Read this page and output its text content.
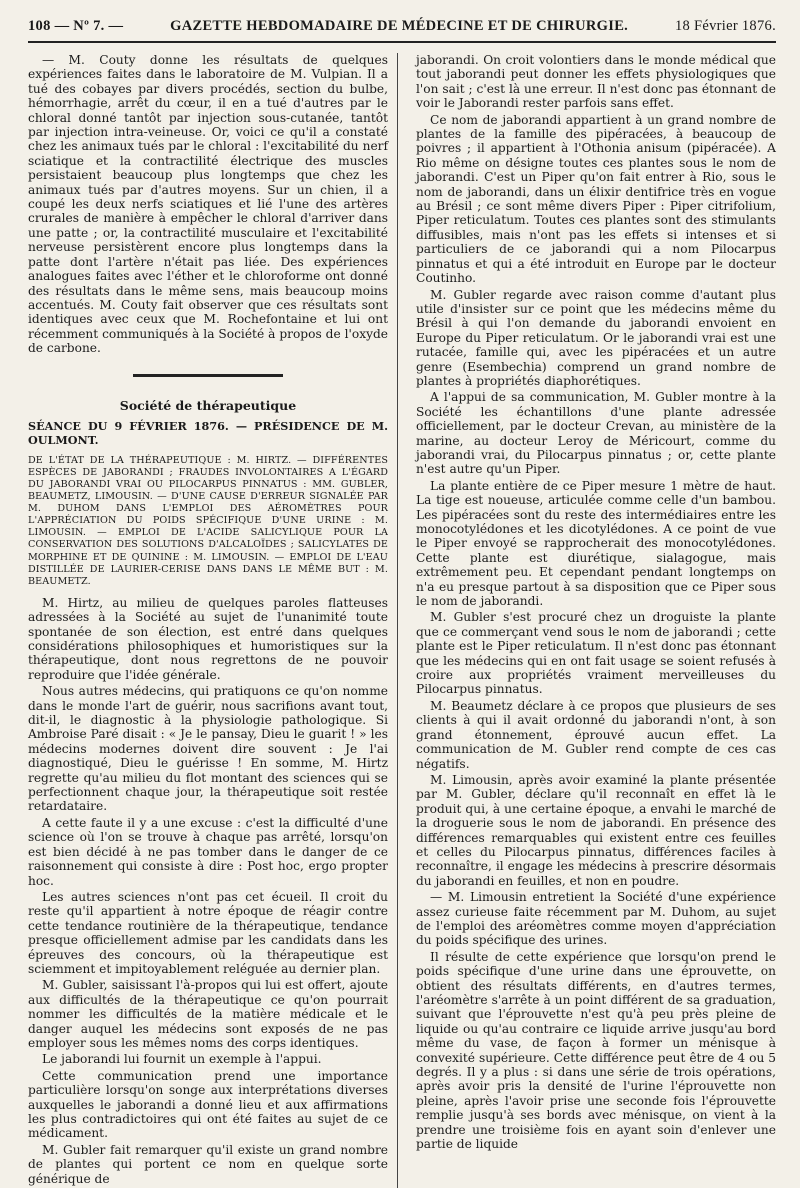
108 — Nº 7. —	GAZETTE HEBDOMADAIRE DE MÉDECINE ET DE CHIRURGIE.	18 Février 1876.

— M. Couty donne les résultats de quelques expériences faites dans le laboratoire de M. Vulpian. Il a tué des cobayes par divers procédés, section du bulbe, hémorrhagie, arrêt du cœur, il en a tué d'autres par le chloral donné tantôt par injection sous-cutanée, tantôt par injection intra-veineuse. Or, voici ce qu'il a constaté chez les animaux tués par le chloral : l'excitabilité du nerf sciatique et la contractilité électrique des muscles persistaient beaucoup plus longtemps que chez les animaux tués par d'autres moyens. Sur un chien, il a coupé les deux nerfs sciatiques et lié l'une des artères crurales de manière à empêcher le chloral d'arriver dans une patte ; or, la contractilité musculaire et l'excitabilité nerveuse persistèrent encore plus longtemps dans la patte dont l'artère n'était pas liée. Des expériences analogues faites avec l'éther et le chloroforme ont donné des résultats dans le même sens, mais beaucoup moins accentués. M. Couty fait observer que ces résultats sont identiques avec ceux que M. Rochefontaine et lui ont récemment communiqués à la Société à propos de l'oxyde de carbone.

Société de thérapeutique

SÉANCE DU 9 FÉVRIER 1876. — PRÉSIDENCE DE M. OULMONT.

DE L'ÉTAT DE LA THÉRAPEUTIQUE : M. HIRTZ. — DIFFÉRENTES ESPÈCES DE JABORANDI ; FRAUDES INVOLONTAIRES A L'ÉGARD DU JABORANDI VRAI OU PILOCARPUS PINNATUS : MM. GUBLER, BEAUMETZ, LIMOUSIN. — D'UNE CAUSE D'ERREUR SIGNALÉE PAR M. DUHOM DANS L'EMPLOI DES AÉROMÈTRES POUR L'APPRÉCIATION DU POIDS SPÉCIFIQUE D'UNE URINE : M. LIMOUSIN. — EMPLOI DE L'ACIDE SALICYLIQUE POUR LA CONSERVATION DES SOLUTIONS D'ALCALOÏDES ; SALICYLATES DE MORPHINE ET DE QUININE : M. LIMOUSIN. — EMPLOI DE L'EAU DISTILLÉE DE LAURIER-CERISE DANS DANS LE MÊME BUT : M. BEAUMETZ.

M. Hirtz, au milieu de quelques paroles flatteuses adressées à la Société au sujet de l'unanimité toute spontanée de son élection, est entré dans quelques considérations philosophiques et humoristiques sur la thérapeutique, dont nous regrettons de ne pouvoir reproduire que l'idée générale.

Nous autres médecins, qui pratiquons ce qu'on nomme dans le monde l'art de guérir, nous sacrifions avant tout, dit-il, le diagnostic à la physiologie pathologique. Si Ambroise Paré disait : « Je le pansay, Dieu le guarit ! » les médecins modernes doivent dire souvent : Je l'ai diagnostiqué, Dieu le guérisse ! En somme, M. Hirtz regrette qu'au milieu du flot montant des sciences qui se perfectionnent chaque jour, la thérapeutique soit restée retardataire.

A cette faute il y a une excuse : c'est la difficulté d'une science où l'on se trouve à chaque pas arrêté, lorsqu'on est bien décidé à ne pas tomber dans le danger de ce raisonnement qui consiste à dire : Post hoc, ergo propter hoc.

Les autres sciences n'ont pas cet écueil. Il croit du reste qu'il appartient à notre époque de réagir contre cette tendance routinière de la thérapeutique, tendance presque officiellement admise par les candidats dans les épreuves des concours, où la thérapeutique est sciemment et impitoyablement reléguée au dernier plan.

M. Gubler, saisissant l'à-propos qui lui est offert, ajoute aux difficultés de la thérapeutique ce qu'on pourrait nommer les difficultés de la matière médicale et le danger auquel les médecins sont exposés de ne pas employer sous les mêmes noms des corps identiques.

Le jaborandi lui fournit un exemple à l'appui.

Cette communication prend une importance particulière lorsqu'on songe aux interprétations diverses auxquelles le jaborandi a donné lieu et aux affirmations les plus contradictoires qui ont été faites au sujet de ce médicament.

M. Gubler fait remarquer qu'il existe un grand nombre de plantes qui portent ce nom en quelque sorte générique de

jaborandi. On croit volontiers dans le monde médical que tout jaborandi peut donner les effets physiologiques que l'on sait ; c'est là une erreur. Il n'est donc pas étonnant de voir le Jaborandi rester parfois sans effet.

Ce nom de jaborandi appartient à un grand nombre de plantes de la famille des pipéracées, à beaucoup de poivres ; il appartient à l'Othonia anisum (pipéracée). A Rio même on désigne toutes ces plantes sous le nom de jaborandi. C'est un Piper qu'on fait entrer à Rio, sous le nom de jaborandi, dans un élixir dentifrice très en vogue au Brésil ; ce sont même divers Piper : Piper citrifolium, Piper reticulatum. Toutes ces plantes sont des stimulants diffusibles, mais n'ont pas les effets si intenses et si particuliers de ce jaborandi qui a nom Pilocarpus pinnatus et qui a été introduit en Europe par le docteur Coutinho.

M. Gubler regarde avec raison comme d'autant plus utile d'insister sur ce point que les médecins même du Brésil à qui l'on demande du jaborandi envoient en Europe du Piper reticulatum. Or le jaborandi vrai est une rutacée, famille qui, avec les pipéracées et un autre genre (Esembechia) comprend un grand nombre de plantes à propriétés diaphorétiques.

A l'appui de sa communication, M. Gubler montre à la Société les échantillons d'une plante adressée officiellement, par le docteur Crevan, au ministère de la marine, au docteur Leroy de Méricourt, comme du jaborandi vrai, du Pilocarpus pinnatus ; or, cette plante n'est autre qu'un Piper.

La plante entière de ce Piper mesure 1 mètre de haut. La tige est noueuse, articulée comme celle d'un bambou. Les pipéracées sont du reste des intermédiaires entre les monocotylédones et les dicotylédones. A ce point de vue le Piper envoyé se rapprocherait des monocotylédones. Cette plante est diurétique, sialagogue, mais extrêmement peu. Et cependant pendant longtemps on n'a eu presque partout à sa disposition que ce Piper sous le nom de jaborandi.

M. Gubler s'est procuré chez un droguiste la plante que ce commerçant vend sous le nom de jaborandi ; cette plante est le Piper reticulatum. Il n'est donc pas étonnant que les médecins qui en ont fait usage se soient refusés à croire aux propriétés vraiment merveilleuses du Pilocarpus pinnatus.

M. Beaumetz déclare à ce propos que plusieurs de ses clients à qui il avait ordonné du jaborandi n'ont, à son grand étonnement, éprouvé aucun effet. La communication de M. Gubler rend compte de ces cas négatifs.

M. Limousin, après avoir examiné la plante présentée par M. Gubler, déclare qu'il reconnaît en effet là le produit qui, à une certaine époque, a envahi le marché de la droguerie sous le nom de jaborandi. En présence des différences remarquables qui existent entre ces feuilles et celles du Pilocarpus pinnatus, différences faciles à reconnaître, il engage les médecins à prescrire désormais du jaborandi en feuilles, et non en poudre.

— M. Limousin entretient la Société d'une expérience assez curieuse faite récemment par M. Duhom, au sujet de l'emploi des aréomètres comme moyen d'appréciation du poids spécifique des urines.

Il résulte de cette expérience que lorsqu'on prend le poids spécifique d'une urine dans une éprouvette, on obtient des résultats différents, en d'autres termes, l'aréomètre s'arrête à un point différent de sa graduation, suivant que l'éprouvette n'est qu'à peu près pleine de liquide ou qu'au contraire ce liquide arrive jusqu'au bord même du vase, de façon à former un ménisque à convexité supérieure. Cette différence peut être de 4 ou 5 degrés. Il y a plus : si dans une série de trois opérations, après avoir pris la densité de l'urine l'éprouvette non pleine, après l'avoir prise une seconde fois l'éprouvette remplie jusqu'à ses bords avec ménisque, on vient à la prendre une troisième fois en ayant soin d'enlever une partie de liquide
